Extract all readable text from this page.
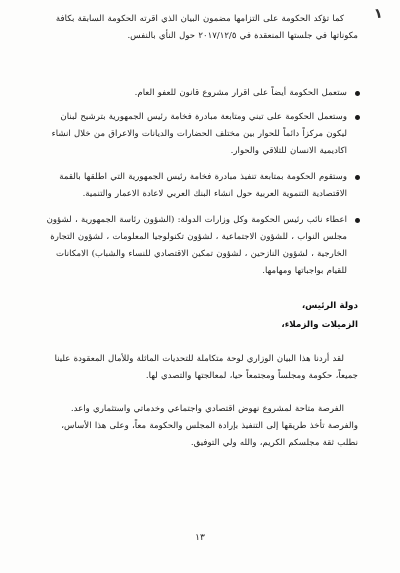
١

كما تؤكد الحكومة على التزامها مضمون البيان الذي اقرته الحكومة السابقة بكافة مكوناتها في جلستها المنعقدة في ٢٠١٧/١٢/٥ حول النأي بالنفس.

ستعمل الحكومة أيضاً على اقرار مشروع قانون للعفو العام.
وستعمل الحكومة على تبني ومتابعة مبادرة فخامة رئيس الجمهورية بترشيح لبنان ليكون مركزاً دائماً للحوار بين مختلف الحضارات والديانات والاعراق من خلال انشاء اكاديمية الانسان للتلاقي والحوار.
وستقوم الحكومة بمتابعة تنفيذ مبادرة فخامة رئيس الجمهورية التي اطلقها بالقمة الاقتصادية التنموية العربية حول انشاء البنك العربي لاعادة الاعمار والتنمية.
اعطاء نائب رئيس الحكومة وكل وزارات الدولة: (الشؤون رئاسة الجمهورية ، لشؤون مجلس النواب ، للشؤون الاجتماعية ، لشؤون تكنولوجيا المعلومات ، لشؤون التجارة الخارجية ، لشؤون النازحين ، لشؤون تمكين الاقتصادي للنساء والشباب) الامكانات للقيام بواجباتها ومهامها.
دولة الرئيس،
الزميلات والزملاء،

لقد أردنا هذا البيان الوزاري لوحة متكاملة للتحديات الماثلة وللأمال المعقودة علينا جميعاً، حكومة ومجلساً ومجتمعاً حيا، لمعالجتها والتصدي لها.

الفرصة متاحة لمشروع نهوض اقتصادي واجتماعي وخدماتي واستثماري واعد. والفرصة تأخذ طريقها إلى التنفيذ بإرادة المجلس والحكومة معاً، وعلى هذا الأساس، نطلب ثقة مجلسكم الكريم، والله ولي التوفيق.

١٣
